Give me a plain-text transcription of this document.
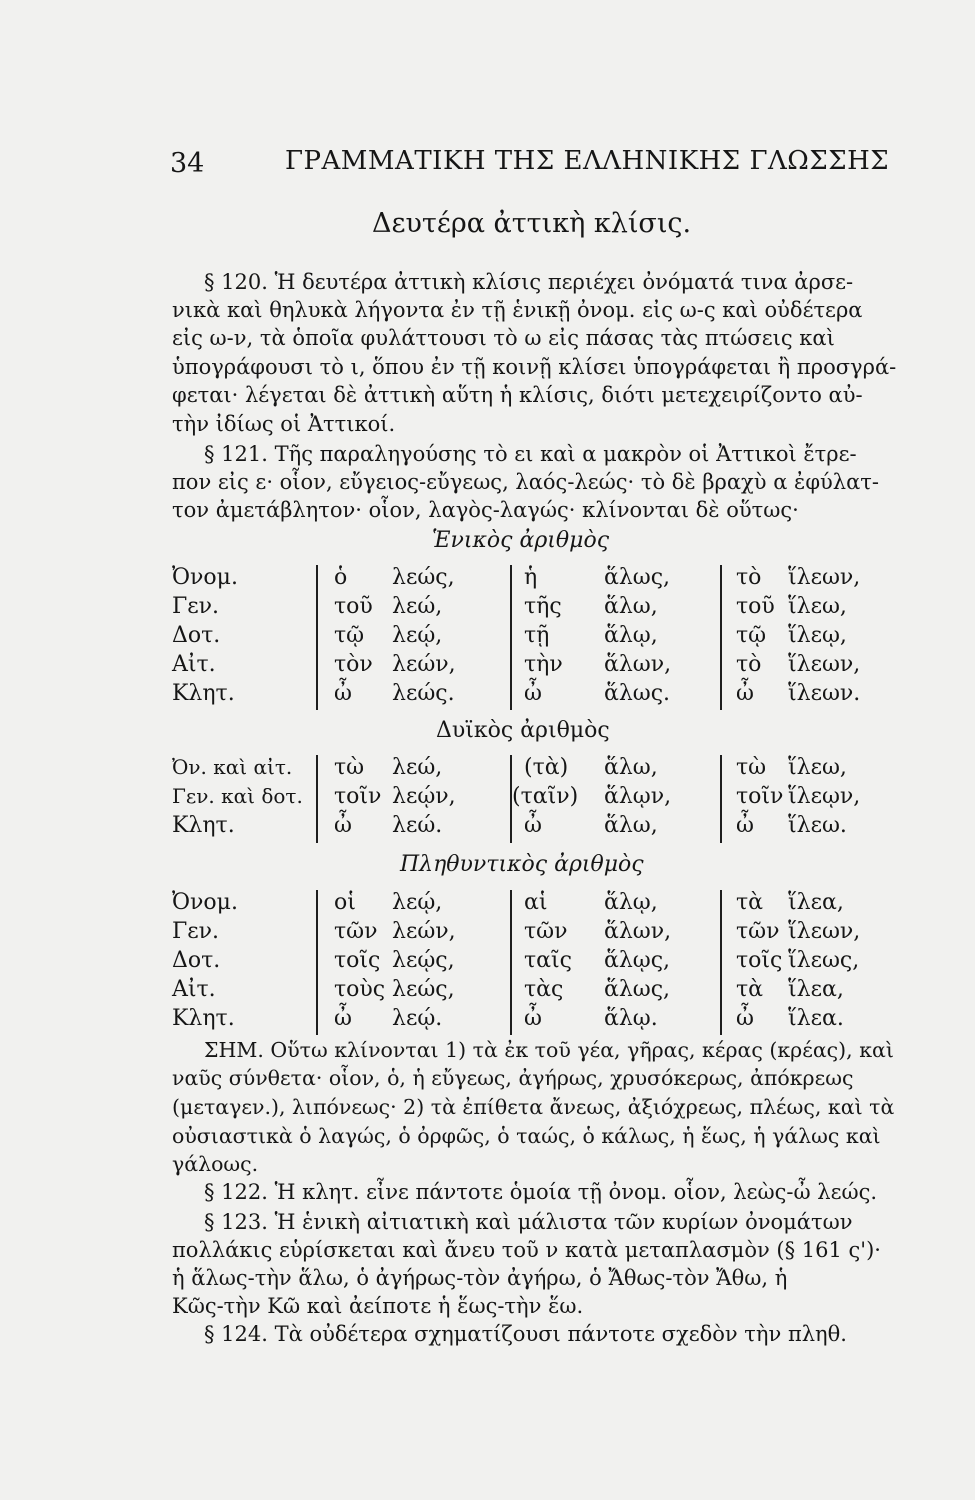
34	ΓΡΑΜΜΑΤΙΚΗ ΤΗΣ ΕΛΛΗΝΙΚΗΣ ΓΛΩΣΣΗΣ
Δευτέρα ἀττικὴ κλίσις.
§ 120. Ἡ δευτέρα ἀττικὴ κλίσις περιέχει ὀνόματά τινα ἀρσε-
νικὰ καὶ θηλυκὰ λήγοντα ἐν τῇ ἑνικῇ ὀνομ. εἰς ω-ς καὶ οὐδέτερα
εἰς ω-ν, τὰ ὁποῖα φυλάττουσι τὸ ω εἰς πάσας τὰς πτώσεις καὶ
ὑπογράφουσι τὸ ι, ὅπου ἐν τῇ κοινῇ κλίσει ὑπογράφεται ἢ προσγρά-
φεται· λέγεται δὲ ἀττικὴ αὕτη ἡ κλίσις, διότι μετεχειρίζοντο αὐ-
τὴν ἰδίως οἱ Ἀττικοί.
§ 121. Τῆς παραληγούσης τὸ ει καὶ α μακρὸν οἱ Ἀττικοὶ ἔτρε-
πον εἰς ε· οἷον, εὔγειος-εὔγεως, λαός-λεώς· τὸ δὲ βραχὺ α ἐφύλατ-
τον ἀμετάβλητον· οἷον, λαγὸς-λαγώς· κλίνονται δὲ οὕτως·
Ἑνικὸς ἀριθμὸς
Ὀνομ.	ὁ λεώς,	ἡ	ἅλως,	τὸ ἵλεων,
Γεν.	τοῦ λεώ,	τῆς ἅλω,	τοῦ ἵλεω,
Δοτ.	τῷ λεῴ,	τῇ ἅλῳ,	τῷ ἵλεῳ,
Αἰτ.	τὸν λεών,	τὴν ἅλων,	τὸ ἵλεων,
Κλητ.	ὦ λεώς.	ὦ	ἅλως.	ὦ ἵλεων.
Δυϊκὸς ἀριθμὸς
Ὀν. καὶ αἰτ. τὼ λεώ,	(τὰ) ἅλω,	τὼ ἵλεω,
Γεν. καὶ δοτ. τοῖν λεῴν,	(ταῖν) ἅλῳν,	τοῖν ἵλεῳν,
Κλητ.	ὦ λεώ.	ὦ	ἅλω,	ὦ ἵλεω.
Πληθυντικὸς ἀριθμὸς
Ὀνομ.	οἱ λεῴ,	αἱ	ἅλῳ,	τὰ ἵλεα,
Γεν.	τῶν λεών,	τῶν ἅλων,	τῶν ἵλεων,
Δοτ.	τοῖς λεῴς,	ταῖς ἅλῳς,	τοῖς ἵλεως,
Αἰτ.	τοὺς λεώς,	τὰς ἅλως,	τὰ ἵλεα,
Κλητ.	ὦ λεῴ.	ὦ	ἅλῳ.	ὦ ἵλεα.
ΣΗΜ. Οὕτω κλίνονται 1) τὰ ἐκ τοῦ γέα, γῆρας, κέρας (κρέας), καὶ
ναῦς σύνθετα· οἷον, ὁ, ἡ εὔγεως, ἀγήρως, χρυσόκερως, ἀπόκρεως
(μεταγεν.), λιπόνεως· 2) τὰ ἐπίθετα ἄνεως, ἀξιόχρεως, πλέως, καὶ τὰ
οὐσιαστικὰ ὁ λαγώς, ὁ ὀρφῶς, ὁ ταώς, ὁ κάλως, ἡ ἕως, ἡ γάλως καὶ
γάλοως.
§ 122. Ἡ κλητ. εἶνε πάντοτε ὁμοία τῇ ὀνομ. οἷον, λεὼς-ὦ λεώς.
§ 123. Ἡ ἑνικὴ αἰτιατικὴ καὶ μάλιστα τῶν κυρίων ὀνομάτων
πολλάκις εὑρίσκεται καὶ ἄνευ τοῦ ν κατὰ μεταπλασμὸν (§ 161 ς')·
ἡ ἅλως-τὴν ἅλω, ὁ ἀγήρως-τὸν ἀγήρω, ὁ Ἄθως-τὸν Ἄθω, ἡ
Κῶς-τὴν Κῶ καὶ ἀείποτε ἡ ἕως-τὴν ἕω.
§ 124. Τὰ οὐδέτερα σχηματίζουσι πάντοτε σχεδὸν τὴν πληθ.
